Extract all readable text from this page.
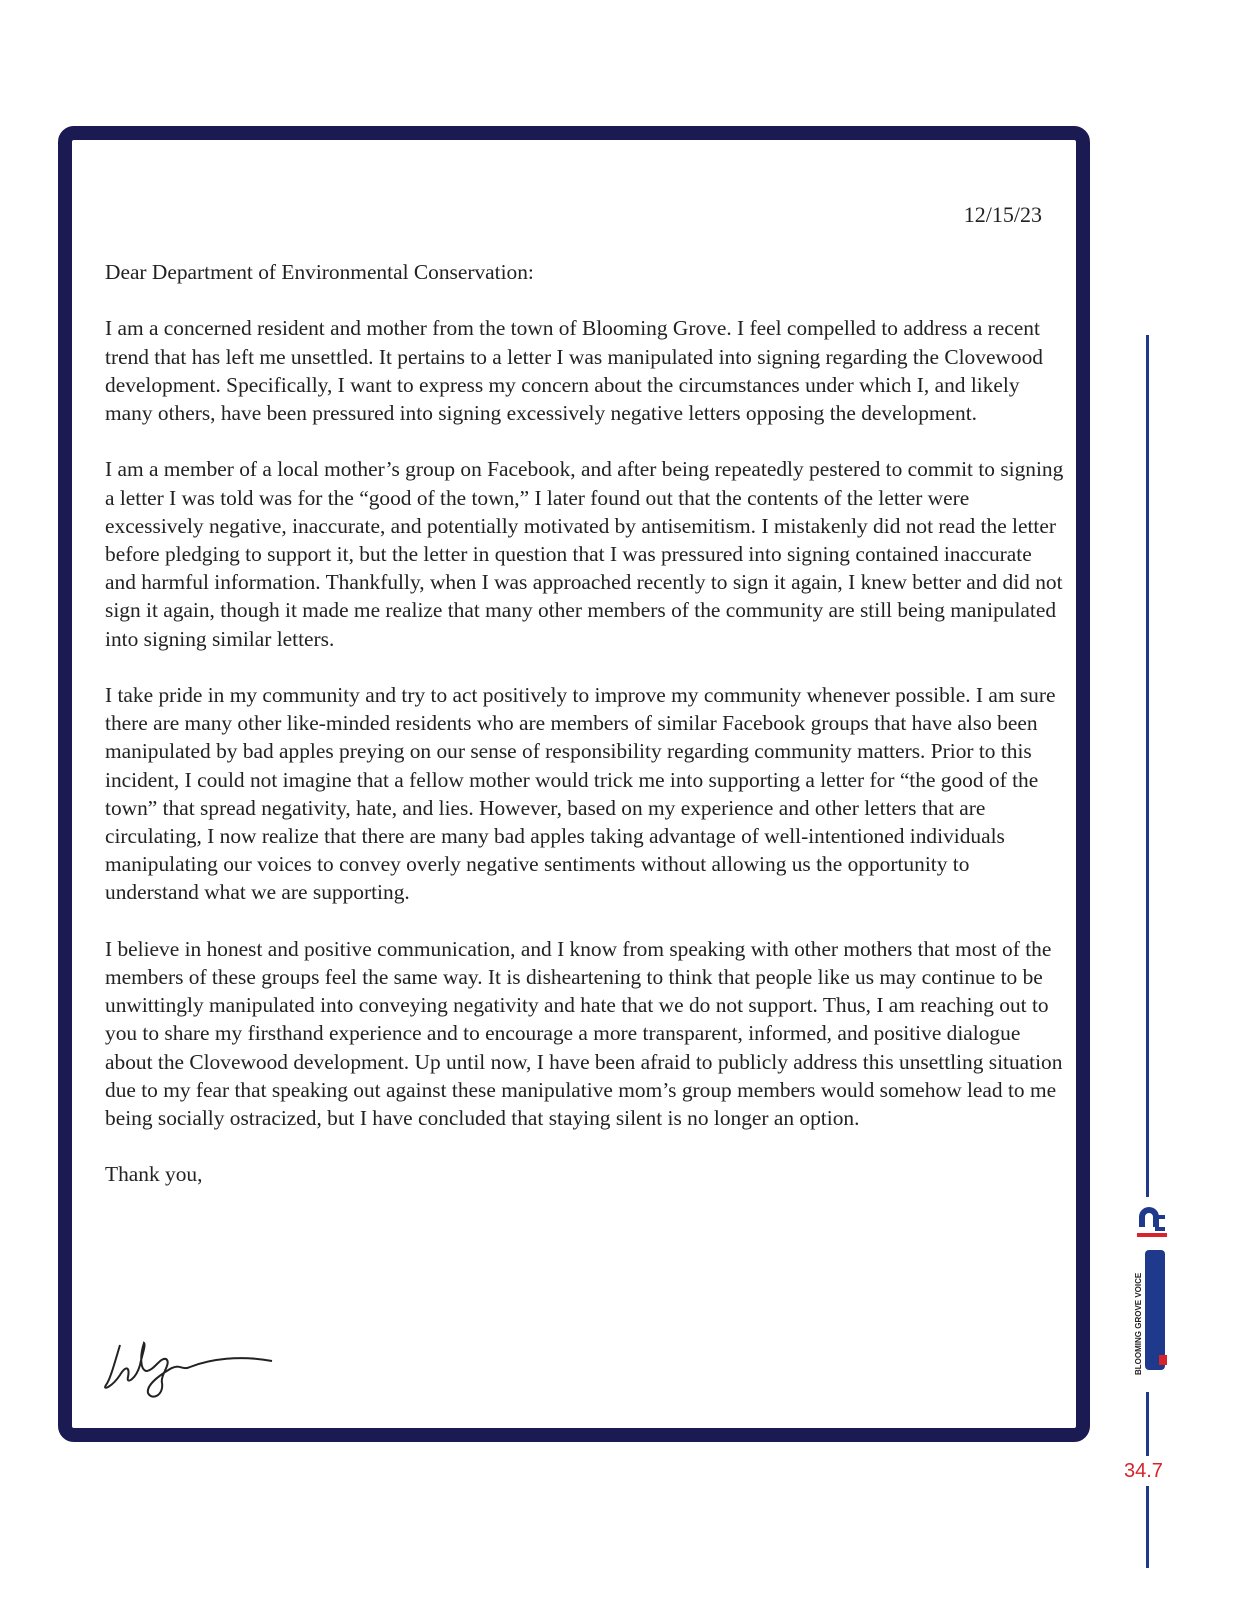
12/15/23

Dear Department of Environmental Conservation:

I am a concerned resident and mother from the town of Blooming Grove. I feel compelled to address a recent trend that has left me unsettled. It pertains to a letter I was manipulated into signing regarding the Clovewood development. Specifically, I want to express my concern about the circumstances under which I, and likely many others, have been pressured into signing excessively negative letters opposing the development.

I am a member of a local mother’s group on Facebook, and after being repeatedly pestered to commit to signing a letter I was told was for the “good of the town,” I later found out that the contents of the letter were excessively negative, inaccurate, and potentially motivated by antisemitism. I mistakenly did not read the letter before pledging to support it, but the letter in question that I was pressured into signing contained inaccurate and harmful information. Thankfully, when I was approached recently to sign it again, I knew better and did not sign it again, though it made me realize that many other members of the community are still being manipulated into signing similar letters.

I take pride in my community and try to act positively to improve my community whenever possible. I am sure there are many other like-minded residents who are members of similar Facebook groups that have also been manipulated by bad apples preying on our sense of responsibility regarding community matters. Prior to this incident, I could not imagine that a fellow mother would trick me into supporting a letter for “the good of the town” that spread negativity, hate, and lies. However, based on my experience and other letters that are circulating, I now realize that there are many bad apples taking advantage of well-intentioned individuals manipulating our voices to convey overly negative sentiments without allowing us the opportunity to understand what we are supporting.

I believe in honest and positive communication, and I know from speaking with other mothers that most of the members of these groups feel the same way. It is disheartening to think that people like us may continue to be unwittingly manipulated into conveying negativity and hate that we do not support. Thus, I am reaching out to you to share my firsthand experience and to encourage a more transparent, informed, and positive dialogue about the Clovewood development. Up until now, I have been afraid to publicly address this unsettling situation due to my fear that speaking out against these manipulative mom’s group members would somehow lead to me being socially ostracized, but I have concluded that staying silent is no longer an option.

Thank you,

BLOOMING GROVE VOICE
34.7
